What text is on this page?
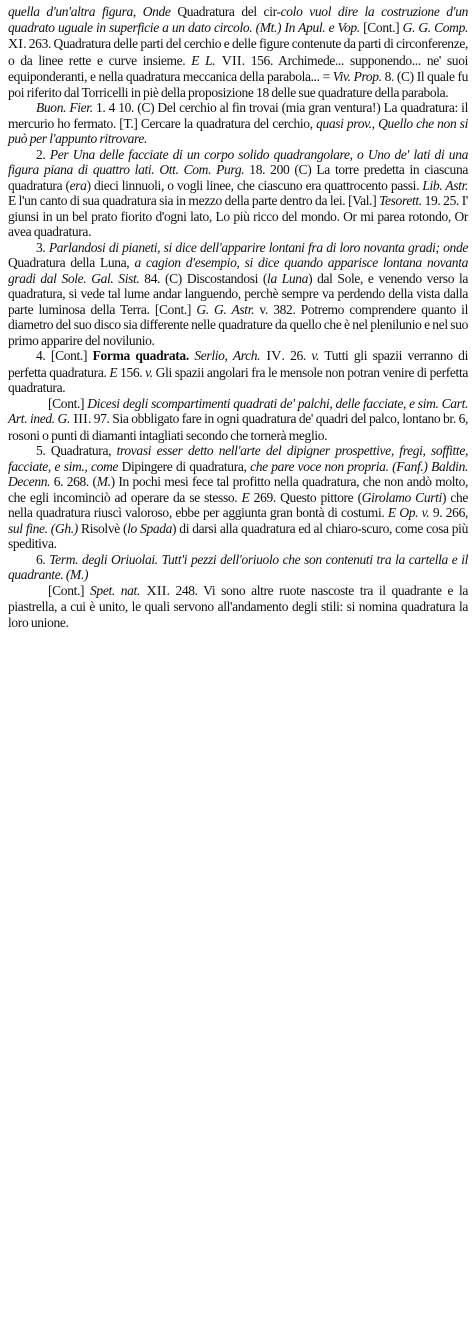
quella d'un'altra figura, Onde Quadratura del cir-colo vuol dire la costruzione d'un quadrato uguale in superficie a un dato circolo. (Mt.) In Apul. e Vop. [Cont.] G. G. Comp. XI. 263. Quadratura delle parti del cerchio e delle figure contenute da parti di circonferenze, o da linee rette e curve insieme. E L. VII. 156. Archimede... supponendo... ne' suoi equiponderanti, e nella quadratura meccanica della parabola... = Viv. Prop. 8. (C) Il quale fu poi riferito dal Torricelli in piè della proposizione 18 delle sue quadrature della parabola.

Buon. Fier. 1. 4 10. (C) Del cerchio al fin trovai (mia gran ventura!) La quadratura: il mercurio ho fermato. [T.] Cercare la quadratura del cerchio, quasi prov., Quello che non si può per l'appunto ritrovare.

2. Per Una delle facciate di un corpo solido quadrangolare, o Uno de' lati di una figura piana di quattro lati. Ott. Com. Purg. 18. 200 (C) La torre predetta in ciascuna quadratura (era) dieci linnuoli, o vogli linee, che ciascuno era quattrocento passi. Lib. Astr. E l'un canto di sua quadratura sia in mezzo della parte dentro da lei. [Val.] Tesorett. 19. 25. I' giunsi in un bel prato fiorito d'ogni lato, Lo più ricco del mondo. Or mi parea rotondo, Or avea quadratura.

3. Parlandosi di pianeti, si dice dell'apparire lontani fra di loro novanta gradi; onde Quadratura della Luna, a cagion d'esempio, si dice quando apparisce lontana novanta gradi dal Sole. Gal. Sist. 84. (C) Discostandosi (la Luna) dal Sole, e venendo verso la quadratura, si vede tal lume andar languendo, perchè sempre va perdendo della vista dalla parte luminosa della Terra. [Cont.] G. G. Astr. v. 382. Potremo comprendere quanto il diametro del suo disco sia differente nelle quadrature da quello che è nel plenilunio e nel suo primo apparire del novilunio.

4. [Cont.] Forma quadrata. Serlio, Arch. IV. 26. v. Tutti gli spazii verranno di perfetta quadratura. E 156. v. Gli spazii angolari fra le mensole non potran venire di perfetta quadratura.

[Cont.] Dicesi degli scompartimenti quadrati de' palchi, delle facciate, e sim. Cart. Art. ined. G. III. 97. Sia obbligato fare in ogni quadratura de' quadri del palco, lontano br. 6, rosoni o punti di diamanti intagliati secondo che tornerà meglio.

5. Quadratura, trovasi esser detto nell'arte del dipigner prospettive, fregi, soffitte, facciate, e sim., come Dipingere di quadratura, che pare voce non propria. (Fanf.) Baldin. Decenn. 6. 268. (M.) In pochi mesi fece tal profitto nella quadratura, che non andò molto, che egli incominciò ad operare da se stesso. E 269. Questo pittore (Girolamo Curti) che nella quadratura riuscì valoroso, ebbe per aggiunta gran bontà di costumi. E Op. v. 9. 266, sul fine. (Gh.) Risolvè (lo Spada) di darsi alla quadratura ed al chiaro-scuro, come cosa più speditiva.

6. Term. degli Oriuolai. Tutt'i pezzi dell'oriuolo che son contenuti tra la cartella e il quadrante. (M.)

[Cont.] Spet. nat. XII. 248. Vi sono altre ruote nascoste tra il quadrante e la piastrella, a cui è unito, le quali servono all'andamento degli stili: si nomina quadratura la loro unione.
